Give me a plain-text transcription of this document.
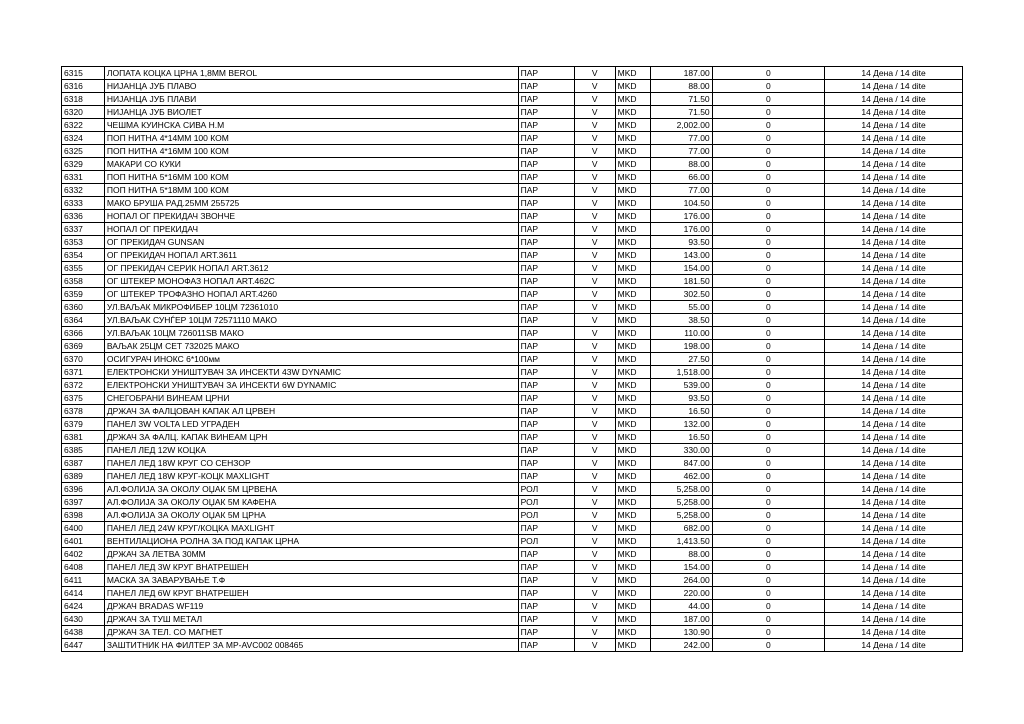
6315	ЛОПАТА КОЦКА ЦРНА 1,8ММ BEROL	ПАР	V	MKD	187.00	0	14 Дена / 14 dite
6316	НИЈАНЦА ЈУБ ПЛАВО	ПАР	V	MKD	88.00	0	14 Дена / 14 dite
6318	НИЈАНЦА ЈУБ ПЛАВИ	ПАР	V	MKD	71.50	0	14 Дена / 14 dite
6320	НИЈАНЦА ЈУБ ВИОЛЕТ	ПАР	V	MKD	71.50	0	14 Дена / 14 dite
6322	ЧЕШМА КУИНСКА СИВА Н.М	ПАР	V	MKD	2,002.00	0	14 Дена / 14 dite
6324	ПОП НИТНА 4*14ММ 100 КОМ	ПАР	V	MKD	77.00	0	14 Дена / 14 dite
6325	ПОП НИТНА 4*16ММ 100 КОМ	ПАР	V	MKD	77.00	0	14 Дена / 14 dite
6329	МАКАРИ СО КУКИ	ПАР	V	MKD	88.00	0	14 Дена / 14 dite
6331	ПОП НИТНА 5*16ММ 100 КОМ	ПАР	V	MKD	66.00	0	14 Дена / 14 dite
6332	ПОП НИТНА 5*18ММ 100 КОМ	ПАР	V	MKD	77.00	0	14 Дена / 14 dite
6333	МАКО БРУША РАД.25ММ 255725	ПАР	V	MKD	104.50	0	14 Дена / 14 dite
6336	НОПАЛ ОГ ПРЕКИДАЧ ЗВОНЧЕ	ПАР	V	MKD	176.00	0	14 Дена / 14 dite
6337	НОПАЛ ОГ ПРЕКИДАЧ	ПАР	V	MKD	176.00	0	14 Дена / 14 dite
6353	ОГ ПРЕКИДАЧ GUNSAN	ПАР	V	MKD	93.50	0	14 Дена / 14 dite
6354	ОГ ПРЕКИДАЧ НОПАЛ ART.3611	ПАР	V	MKD	143.00	0	14 Дена / 14 dite
6355	ОГ ПРЕКИДАЧ СЕРИК НОПАЛ ART.3612	ПАР	V	MKD	154.00	0	14 Дена / 14 dite
6358	ОГ ШТЕКЕР МОНОФАЗ НОПАЛ ART.462C	ПАР	V	MKD	181.50	0	14 Дена / 14 dite
6359	ОГ ШТЕКЕР ТРОФАЗНО НОПАЛ ART.4260	ПАР	V	MKD	302.50	0	14 Дена / 14 dite
6360	УЛ.ВАЉАК МИКРОФИБЕР 10ЦМ 72361010	ПАР	V	MKD	55.00	0	14 Дена / 14 dite
6364	УЛ.ВАЉАК СУНЃЕР 10ЦМ 72571110 МАКО	ПАР	V	MKD	38.50	0	14 Дена / 14 dite
6366	УЛ.ВАЉАК 10ЦМ 726011SB МАКО	ПАР	V	MKD	110.00	0	14 Дена / 14 dite
6369	ВАЉАК 25ЦМ СЕТ 732025 МАКО	ПАР	V	MKD	198.00	0	14 Дена / 14 dite
6370	ОСИГУРАЧ ИНОКС 6*100мм	ПАР	V	MKD	27.50	0	14 Дена / 14 dite
6371	ЕЛЕКТРОНСКИ УНИШТУВАЧ ЗА ИНСЕКТИ 43W DYNAMIC	ПАР	V	MKD	1,518.00	0	14 Дена / 14 dite
6372	ЕЛЕКТРОНСКИ УНИШТУВАЧ ЗА ИНСЕКТИ 6W DYNAMIC	ПАР	V	MKD	539.00	0	14 Дена / 14 dite
6375	СНЕГОБРАНИ ВИНЕАМ ЦРНИ	ПАР	V	MKD	93.50	0	14 Дена / 14 dite
6378	ДРЖАЧ ЗА ФАЛЦОВАН КАПАК АЛ ЦРВЕН	ПАР	V	MKD	16.50	0	14 Дена / 14 dite
6379	ПАНЕЛ 3W VOLTA LED УГРАДЕН	ПАР	V	MKD	132.00	0	14 Дена / 14 dite
6381	ДРЖАЧ ЗА ФАЛЦ. КАПАК ВИНЕАМ ЦРН	ПАР	V	MKD	16.50	0	14 Дена / 14 dite
6385	ПАНЕЛ ЛЕД 12W КОЦКА	ПАР	V	MKD	330.00	0	14 Дена / 14 dite
6387	ПАНЕЛ ЛЕД 18W КРУГ СО СЕНЗОР	ПАР	V	MKD	847.00	0	14 Дена / 14 dite
6389	ПАНЕЛ ЛЕД 18W КРУГ-КОЦК MAXLIGHT	ПАР	V	MKD	462.00	0	14 Дена / 14 dite
6396	АЛ.ФОЛИЈА ЗА ОКОЛУ ОЏАК 5М ЦРВЕНА	РОЛ	V	MKD	5,258.00	0	14 Дена / 14 dite
6397	АЛ.ФОЛИЈА ЗА ОКОЛУ ОЏАК 5М КАФЕНА	РОЛ	V	MKD	5,258.00	0	14 Дена / 14 dite
6398	АЛ.ФОЛИЈА ЗА ОКОЛУ ОЏАК 5М ЦРНА	РОЛ	V	MKD	5,258.00	0	14 Дена / 14 dite
6400	ПАНЕЛ ЛЕД 24W КРУГ/КОЦКА MAXLIGHT	ПАР	V	MKD	682.00	0	14 Дена / 14 dite
6401	ВЕНТИЛАЦИОНА РОЛНА ЗА ПОД КАПАК ЦРНА	РОЛ	V	MKD	1,413.50	0	14 Дена / 14 dite
6402	ДРЖАЧ ЗА ЛЕТВА 30ММ	ПАР	V	MKD	88.00	0	14 Дена / 14 dite
6408	ПАНЕЛ ЛЕД 3W КРУГ ВНАТРЕШЕН	ПАР	V	MKD	154.00	0	14 Дена / 14 dite
6411	МАСКА ЗА ЗАВАРУВАЊЕ Т.Ф	ПАР	V	MKD	264.00	0	14 Дена / 14 dite
6414	ПАНЕЛ ЛЕД 6W КРУГ ВНАТРЕШЕН	ПАР	V	MKD	220.00	0	14 Дена / 14 dite
6424	ДРЖАЧ BRADAS WF119	ПАР	V	MKD	44.00	0	14 Дена / 14 dite
6430	ДРЖАЧ ЗА ТУШ МЕТАЛ	ПАР	V	MKD	187.00	0	14 Дена / 14 dite
6438	ДРЖАЧ ЗА ТЕЛ. СО МАГНЕТ	ПАР	V	MKD	130.90	0	14 Дена / 14 dite
6447	ЗАШТИТНИК НА ФИЛТЕР ЗА MP-AVC002 008465	ПАР	V	MKD	242.00	0	14 Дена / 14 dite
